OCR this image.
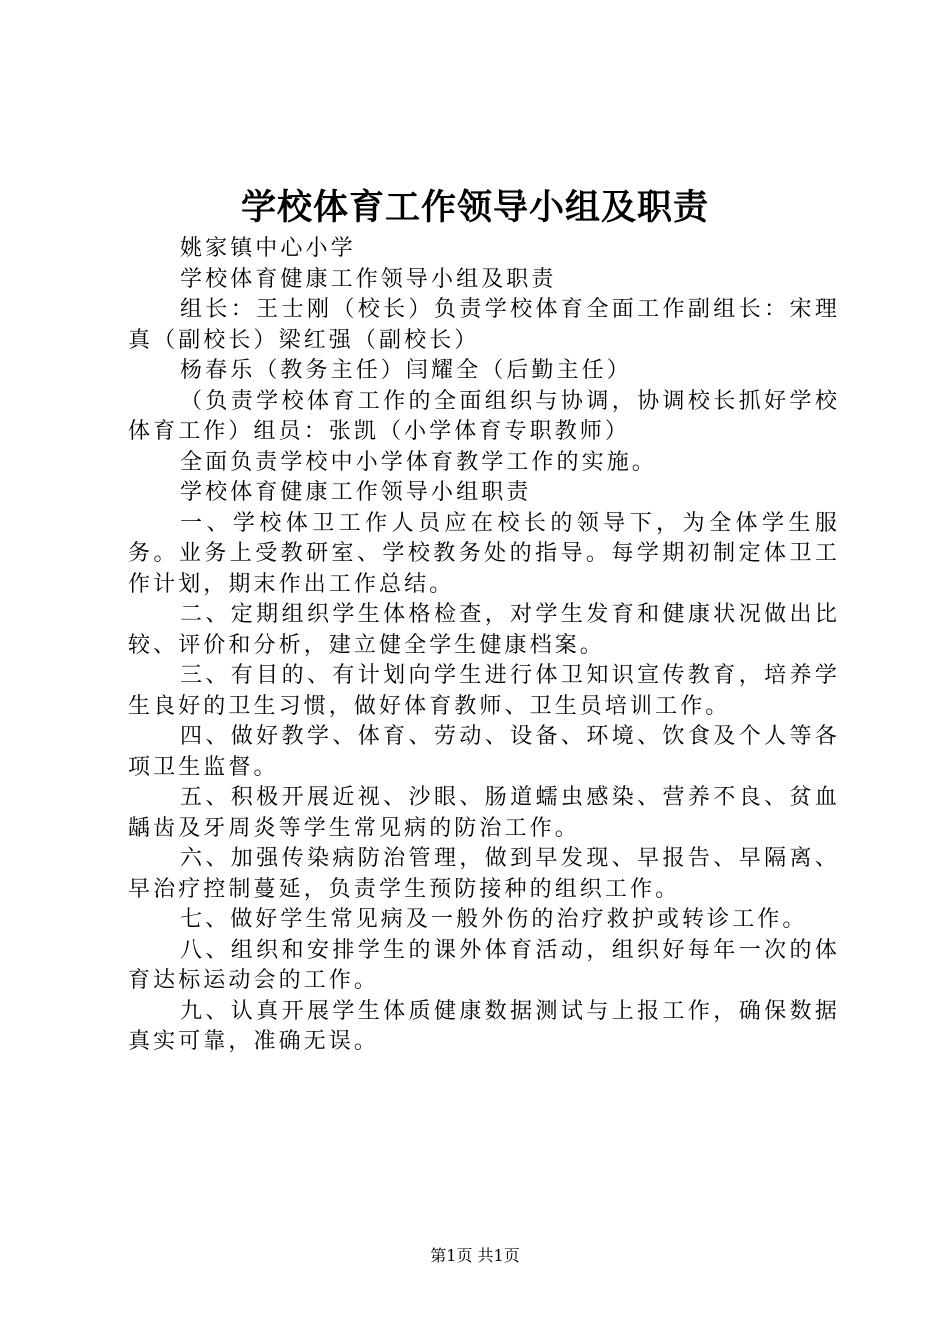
学校体育工作领导小组及职责

姚家镇中心小学

学校体育健康工作领导小组及职责

组长：王士刚（校长）负责学校体育全面工作副组长：宋理真（副校长）梁红强（副校长）

杨春乐（教务主任）闫耀全（后勤主任）

（负责学校体育工作的全面组织与协调，协调校长抓好学校体育工作）组员：张凯（小学体育专职教师）

全面负责学校中小学体育教学工作的实施。

学校体育健康工作领导小组职责

一、学校体卫工作人员应在校长的领导下，为全体学生服务。业务上受教研室、学校教务处的指导。每学期初制定体卫工作计划，期末作出工作总结。

二、定期组织学生体格检查，对学生发育和健康状况做出比较、评价和分析，建立健全学生健康档案。

三、有目的、有计划向学生进行体卫知识宣传教育，培养学生良好的卫生习惯，做好体育教师、卫生员培训工作。

四、做好教学、体育、劳动、设备、环境、饮食及个人等各项卫生监督。

五、积极开展近视、沙眼、肠道蠕虫感染、营养不良、贫血龋齿及牙周炎等学生常见病的防治工作。

六、加强传染病防治管理，做到早发现、早报告、早隔离、早治疗控制蔓延，负责学生预防接种的组织工作。

七、做好学生常见病及一般外伤的治疗救护或转诊工作。

八、组织和安排学生的课外体育活动，组织好每年一次的体育达标运动会的工作。

九、认真开展学生体质健康数据测试与上报工作，确保数据真实可靠，准确无误。

第1页 共1页
